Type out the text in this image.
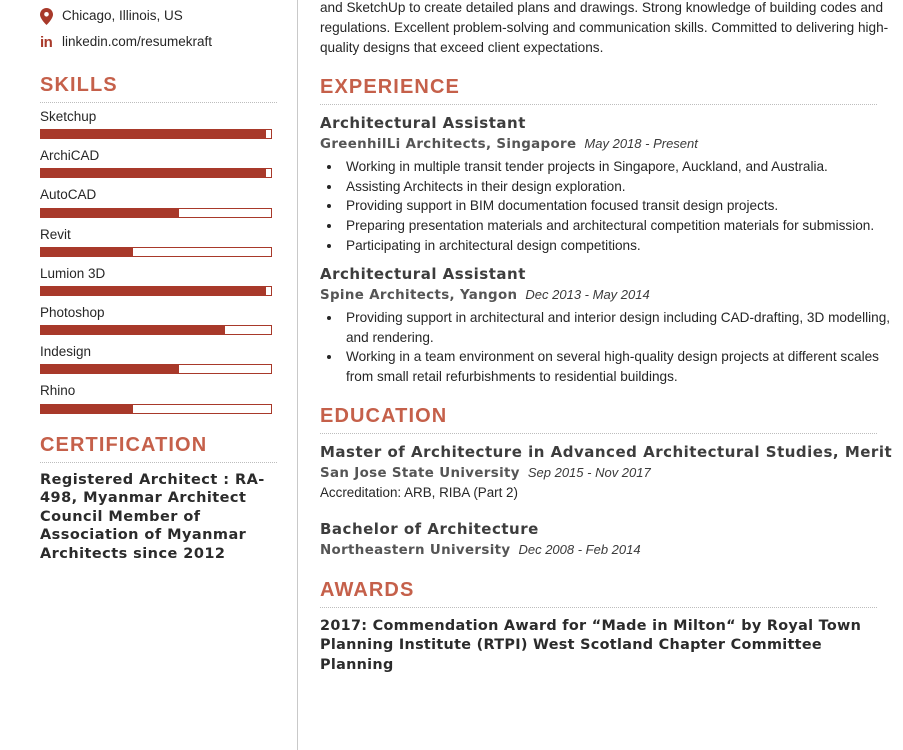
Chicago, Illinois, US
in linkedin.com/resumekraft
SKILLS
Sketchup
ArchiCAD
AutoCAD
Revit
Lumion 3D
Photoshop
Indesign
Rhino
CERTIFICATION
Registered Architect : RA-498, Myanmar Architect Council Member of Association of Myanmar Architects since 2012
and SketchUp to create detailed plans and drawings. Strong knowledge of building codes and regulations. Excellent problem-solving and communication skills. Committed to delivering high-quality designs that exceed client expectations.
EXPERIENCE
Architectural Assistant
GreenhilLi Architects, Singapore May 2018 - Present
• Working in multiple transit tender projects in Singapore, Auckland, and Australia.
• Assisting Architects in their design exploration.
• Providing support in BIM documentation focused transit design projects.
• Preparing presentation materials and architectural competition materials for submission.
• Participating in architectural design competitions.
Architectural Assistant
Spine Architects, Yangon Dec 2013 - May 2014
• Providing support in architectural and interior design including CAD-drafting, 3D modelling, and rendering.
• Working in a team environment on several high-quality design projects at different scales from small retail refurbishments to residential buildings.
EDUCATION
Master of Architecture in Advanced Architectural Studies, Merit
San Jose State University Sep 2015 - Nov 2017
Accreditation: ARB, RIBA (Part 2)
Bachelor of Architecture
Northeastern University Dec 2008 - Feb 2014
AWARDS
2017: Commendation Award for “Made in Milton“ by Royal Town Planning Institute (RTPI) West Scotland Chapter Committee Planning
